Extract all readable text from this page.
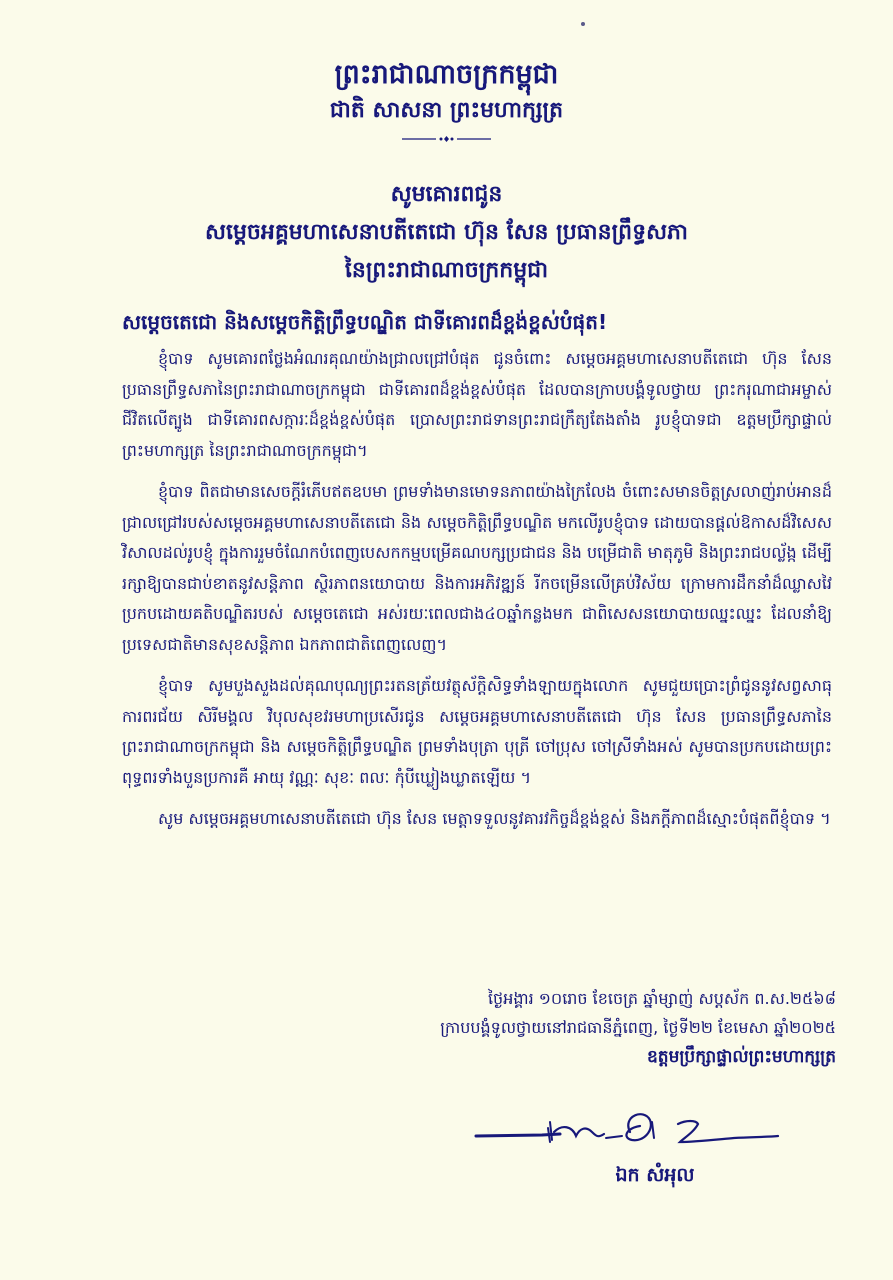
ព្រះរាជាណាចក្រកម្ពុជា

ជាតិ សាសនា ព្រះមហាក្សត្រ

សូមគោរពជូន

សម្តេចអគ្គមហាសេនាបតីតេជោ ហ៊ុន សែន ប្រធានព្រឹទ្ធសភា

នៃព្រះរាជាណាចក្រកម្ពុជា

សម្តេចតេជោ និងសម្តេចកិត្តិព្រឹទ្ធបណ្ឌិត ជាទីគោរពដ៏ខ្ពង់ខ្ពស់បំផុត!

ខ្ញុំបាទ សូមគោរពថ្លែងអំណរគុណយ៉ាងជ្រាលជ្រៅបំផុត ជូនចំពោះ សម្តេចអគ្គមហាសេនាបតីតេជោ ហ៊ុន សែន ប្រធានព្រឹទ្ធសភានៃព្រះរាជាណាចក្រកម្ពុជា ជាទីគោរពដ៏ខ្ពង់ខ្ពស់បំផុត ដែលបានក្រាបបង្គំទូលថ្វាយ ព្រះករុណាជាអម្ចាស់ជីវិតលើត្បូង ជាទីគោរពសក្ការៈដ៏ខ្ពង់ខ្ពស់បំផុត ប្រោសព្រះរាជទានព្រះរាជក្រឹត្យតែងតាំង រូបខ្ញុំបាទជា ឧត្តមប្រឹក្សាផ្ទាល់ព្រះមហាក្សត្រ នៃព្រះរាជាណាចក្រកម្ពុជា។

ខ្ញុំបាទ ពិតជាមានសេចក្តីរំភើបឥតឧបមា ព្រមទាំងមានមោទនភាពយ៉ាងក្រៃលែង ចំពោះសមានចិត្តស្រលាញ់រាប់អានដ៏ជ្រាលជ្រៅរបស់សម្តេចអគ្គមហាសេនាបតីតេជោ និង សម្តេចកិត្តិព្រឹទ្ធបណ្ឌិត មកលើរូបខ្ញុំបាទ ដោយបានផ្តល់ឱកាសដ៏វិសេសវិសាលដល់រូបខ្ញុំ ក្នុងការរួមចំណែកបំពេញបេសកកម្មបម្រើគណបក្សប្រជាជន និង បម្រើជាតិ មាតុភូមិ និងព្រះរាជបល្ល័ង្ក ដើម្បីរក្សាឱ្យបានជាប់ខាតនូវសន្តិភាព ស្ថិរភាពនយោបាយ និងការអភិវឌ្ឍន៍ រីកចម្រើនលើគ្រប់វិស័យ ក្រោមការដឹកនាំដ៏ឈ្លាសវៃប្រកបដោយគតិបណ្ឌិតរបស់ សម្តេចតេជោ អស់រយៈពេលជាង៤០ឆ្នាំកន្លងមក ជាពិសេសនយោបាយឈ្នះឈ្នះ ដែលនាំឱ្យប្រទេសជាតិមានសុខសន្តិភាព ឯកភាពជាតិពេញលេញ។

ខ្ញុំបាទ សូមបួងសួងដល់គុណបុណ្យព្រះរតនត្រ័យវត្ថុស័ក្តិសិទ្ធទាំងឡាយក្នុងលោក សូមជួយប្រោះព្រំជូននូវសព្វសាធុការពរជ័យ សិរីមង្គល វិបុលសុខវរមហាប្រសើរជូន សម្តេចអគ្គមហាសេនាបតីតេជោ ហ៊ុន សែន ប្រធានព្រឹទ្ធសភានៃព្រះរាជាណាចក្រកម្ពុជា និង សម្តេចកិត្តិព្រឹទ្ធបណ្ឌិត ព្រមទាំងបុត្រា បុត្រី ចៅប្រុស ចៅស្រីទាំងអស់ សូមបានប្រកបដោយព្រះពុទ្ធពរទាំងបួនប្រការគឺ អាយុ វណ្ណៈ សុខៈ ពលៈ កុំបីឃ្លៀងឃ្លាតឡើយ ។

សូម សម្តេចអគ្គមហាសេនាបតីតេជោ ហ៊ុន សែន មេត្តាទទួលនូវគារវកិច្ចដ៏ខ្ពង់ខ្ពស់ និងភក្តីភាពដ៏ស្មោះបំផុតពីខ្ញុំបាទ ។

ថ្ងៃអង្គារ ១០រោច ខែចេត្រ ឆ្នាំម្សាញ់ សប្តស័ក ព.ស.២៥៦៨

ក្រាបបង្គំទូលថ្វាយនៅរាជធានីភ្នំពេញ, ថ្ងៃទី២២ ខែមេសា ឆ្នាំ២០២៥

ឧត្តមប្រឹក្សាផ្ទាល់ព្រះមហាក្សត្រ

ឯក សំអុល
